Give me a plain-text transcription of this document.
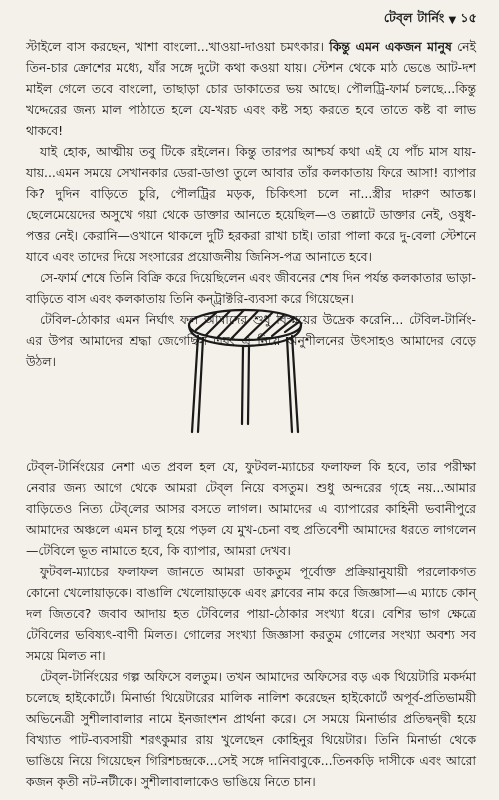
টেব্‌ল টার্নিং ▼ ১৫

স্টাইলে বাস করছেন, খাশা বাংলো...খাওয়া-দাওয়া চমৎকার। কিন্তু এমন একজন মানুষ নেই তিন-চার ক্রোশের মধ্যে, যাঁর সঙ্গে দুটো কথা কওয়া যায়। স্টেশন থেকে মাঠ ভেঙে আট-দশ মাইল গেলে তবে বাংলো, তাছাড়া চোর ডাকাতের ভয় আছে। পৌলট্রি-ফার্ম চলছে...কিন্তু খদ্দেরের জন্য মাল পাঠাতে হলে যে-খরচ এবং কষ্ট সহ্য করতে হবে তাতে কষ্ট বা লাভ থাকবে!

যাই হোক, আত্মীয় তবু টিকে রইলেন। কিন্তু তারপর আশ্চর্য কথা এই যে পাঁচ মাস যায়-যায়...এমন সময়ে সেখানকার ডেরা-ডাণ্ডা তুলে আবার তাঁর কলকাতায় ফিরে আসা! ব্যাপার কি? দুদিন বাড়িতে চুরি, পৌলট্রির মড়ক, চিকিৎসা চলে না...স্ত্রীর দারুণ আতঙ্ক। ছেলেমেয়েদের অসুখে গয়া থেকে ডাক্তার আনতে হয়েছিল—ও তল্লাটে ডাক্তার নেই, ওষুধ-পত্তর নেই। কেরানি—ওখানে থাকলে দুটি হরকরা রাখা চাই। তারা পালা করে দু-বেলা স্টেশনে যাবে এবং তাদের দিয়ে সংসারের প্রয়োজনীয় জিনিস-পত্র আনাতে হবে।

সে-ফার্ম শেষে তিনি বিক্রি করে দিয়েছিলেন এবং জীবনের শেষ দিন পর্যন্ত কলকাতার ভাড়া-বাড়িতে বাস এবং কলকাতায় তিনি কন্‌ট্রাক্টরি-ব্যবসা করে গিয়েছেন।

টেবিল-ঠোকার এমন নির্ঘাৎ ফল আমাদের শুধু বিস্ময়ের উদ্রেক করেনি... টেবিল-টার্নিং-এর উপর আমাদের শ্রদ্ধা জেগেছিল এবং এ নিয়ে অনুশীলনের উৎসাহও আমাদের বেড়ে উঠল।

টেব্‌ল-টার্নিংয়ের নেশা এত প্রবল হল যে, ফুটবল-ম্যাচের ফলাফল কি হবে, তার পরীক্ষা নেবার জন্য আগে থেকে আমরা টেব্‌ল নিয়ে বসতুম। শুধু অন্দরের গৃহে নয়...আমার বাড়িতেও নিত্য টেব্‌লের আসর বসতে লাগল। আমাদের এ ব্যাপারের কাহিনী ভবানীপুরে আমাদের অঞ্চলে এমন চালু হয়ে পড়ল যে মুখ-চেনা বহু প্রতিবেশী আমাদের ধরতে লাগলেন—টেবিলে ভূত নামাতে হবে, কি ব্যাপার, আমরা দেখব।

ফুটবল-ম্যাচের ফলাফল জানতে আমরা ডাকতুম পূর্বোক্ত প্রক্রিয়ানুযায়ী পরলোকগত কোনো খেলোয়াড়কে। বাঙালি খেলোয়াড়কে এবং ক্লাবের নাম করে জিজ্ঞাসা—এ ম্যাচে কোন্‌ দল জিতবে? জবাব আদায় হত টেবিলের পায়া-ঠোকার সংখ্যা ধরে। বেশির ভাগ ক্ষেত্রে টেবিলের ভবিষ্যৎ-বাণী মিলত। গোলের সংখ্যা জিজ্ঞাসা করতুম গোলের সংখ্যা অবশ্য সব সময়ে মিলত না।

টেব্‌ল-টার্নিংয়ের গল্প অফিসে বলতুম। তখন আমাদের অফিসের বড় এক থিয়েটারি মকর্দমা চলেছে হাইকোর্টে। মিনার্ভা থিয়েটারের মালিক নালিশ করেছেন হাইকোর্টে অপূর্ব-প্রতিভাময়ী অভিনেত্রী সুশীলাবালার নামে ইনজাংশন প্রার্থনা করে। সে সময়ে মিনার্ভার প্রতিদ্বন্দ্বী হয়ে বিখ্যাত পাট-ব্যবসায়ী শরৎকুমার রায় খুলেছেন কোহিনুর থিয়েটার। তিনি মিনার্ভা থেকে ভাঙিয়ে নিয়ে গিয়েছেন গিরিশচন্দ্রকে...সেই সঙ্গে দানিবাবুকে...তিনকড়ি দাসীকে এবং আরো কজন কৃতী নট-নটীকে। সুশীলাবালাকেও ভাঙিয়ে নিতে চান।
